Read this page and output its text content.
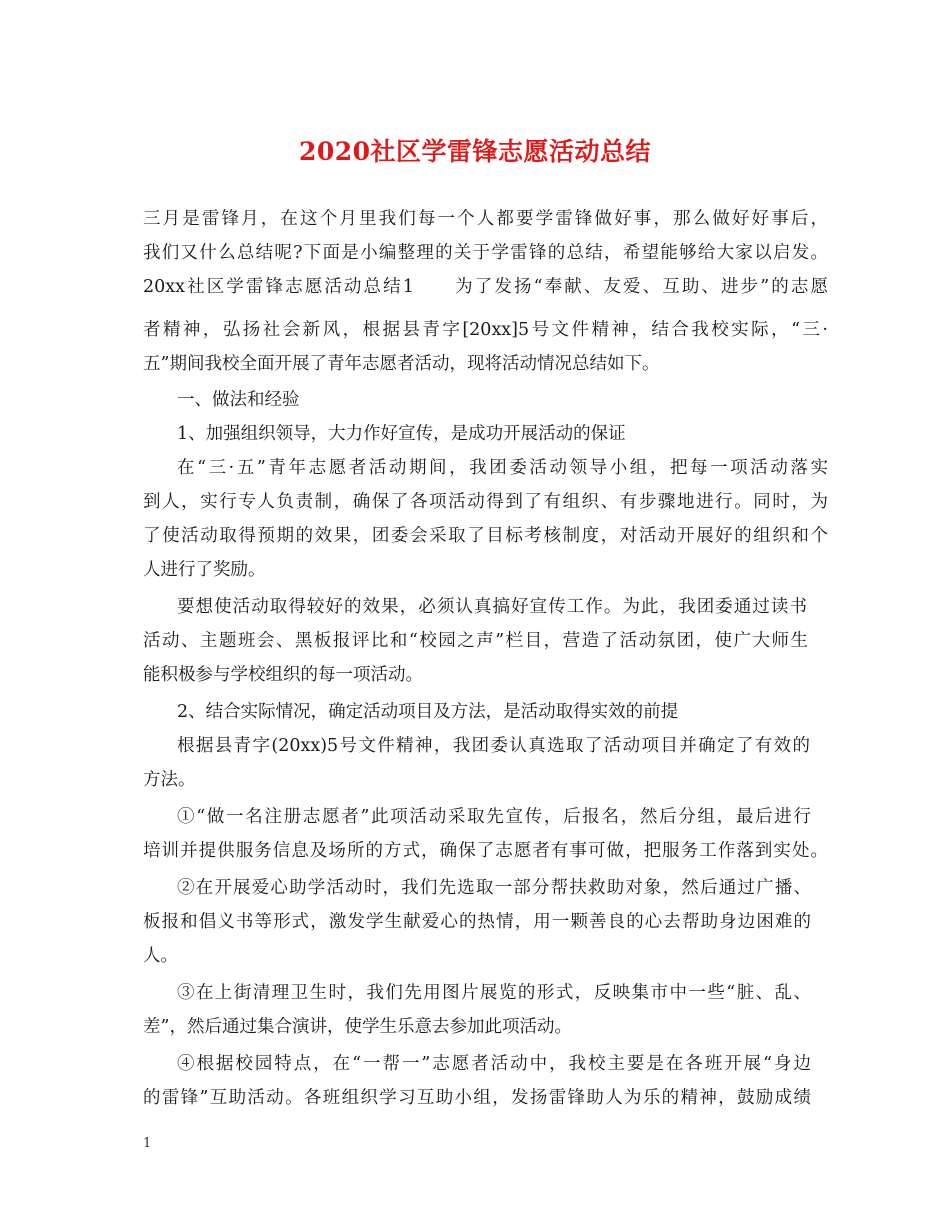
2020社区学雷锋志愿活动总结
三月是雷锋月，在这个月里我们每一个人都要学雷锋做好事，那么做好好事后，
我们又什么总结呢?下面是小编整理的关于学雷锋的总结，希望能够给大家以启发。
20xx社区学雷锋志愿活动总结1　　为了发扬“奉献、友爱、互助、进步”的志愿
者精神，弘扬社会新风，根据县青字[20xx]5号文件精神，结合我校实际，“三·
五”期间我校全面开展了青年志愿者活动，现将活动情况总结如下。
一、做法和经验
1、加强组织领导，大力作好宣传，是成功开展活动的保证
在“三·五”青年志愿者活动期间，我团委活动领导小组，把每一项活动落实
到人，实行专人负责制，确保了各项活动得到了有组织、有步骤地进行。同时，为
了使活动取得预期的效果，团委会采取了目标考核制度，对活动开展好的组织和个
人进行了奖励。
要想使活动取得较好的效果，必须认真搞好宣传工作。为此，我团委通过读书
活动、主题班会、黑板报评比和“校园之声”栏目，营造了活动氛团，使广大师生
能积极参与学校组织的每一项活动。
2、结合实际情况，确定活动项目及方法，是活动取得实效的前提
根据县青字(20xx)5号文件精神，我团委认真选取了活动项目并确定了有效的
方法。
①“做一名注册志愿者”此项活动采取先宣传，后报名，然后分组，最后进行
培训并提供服务信息及场所的方式，确保了志愿者有事可做，把服务工作落到实处。
②在开展爱心助学活动时，我们先选取一部分帮扶救助对象，然后通过广播、
板报和倡义书等形式，激发学生献爱心的热情，用一颗善良的心去帮助身边困难的
人。
③在上街清理卫生时，我们先用图片展览的形式，反映集市中一些“脏、乱、
差”，然后通过集合演讲，使学生乐意去参加此项活动。
④根据校园特点，在“一帮一”志愿者活动中，我校主要是在各班开展“身边
的雷锋”互助活动。各班组织学习互助小组，发扬雷锋助人为乐的精神，鼓励成绩
1
